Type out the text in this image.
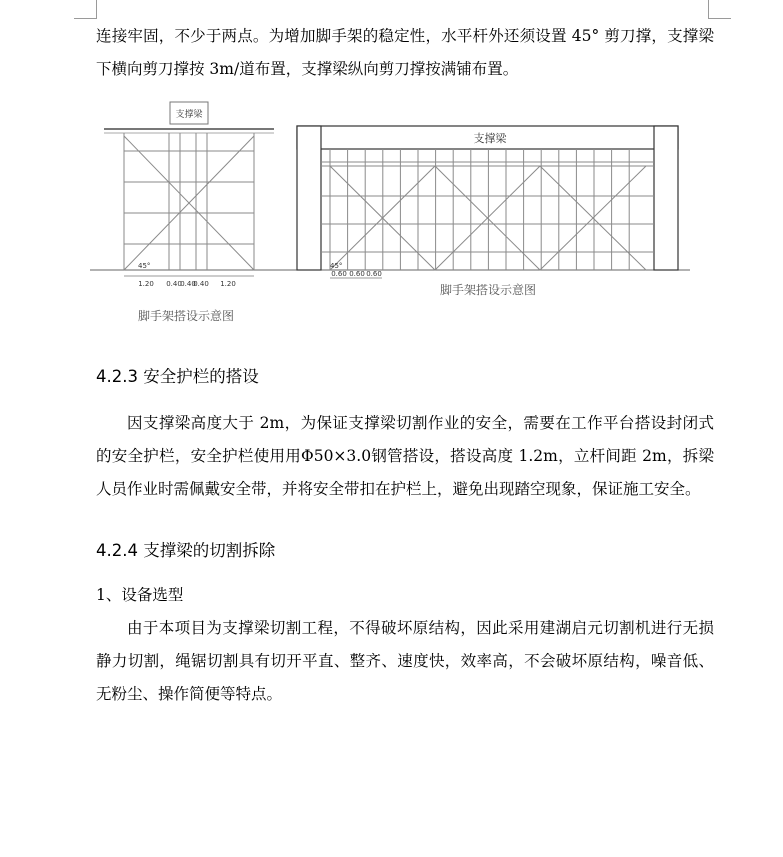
连接牢固，不少于两点。为增加脚手架的稳定性，水平杆外还须设置 45° 剪刀撑，支撑梁下横向剪刀撑按 3m/道布置，支撑梁纵向剪刀撑按满铺布置。

支撑梁
45°
1.20 0.40
0.40
0.40 1.20
脚手架搭设示意图
支撑梁
45°
0.60 0.60 0.60
脚手架搭设示意图
4.2.3 安全护栏的搭设

因支撑梁高度大于 2m，为保证支撑梁切割作业的安全，需要在工作平台搭设封闭式的安全护栏，安全护栏使用用Φ50×3.0钢管搭设，搭设高度 1.2m，立杆间距 2m，拆梁人员作业时需佩戴安全带，并将安全带扣在护栏上，避免出现踏空现象，保证施工安全。

4.2.4 支撑梁的切割拆除

1、设备选型

由于本项目为支撑梁切割工程，不得破坏原结构，因此采用建湖启元切割机进行无损静力切割，绳锯切割具有切开平直、整齐、速度快，效率高，不会破坏原结构，噪音低、无粉尘、操作简便等特点。
